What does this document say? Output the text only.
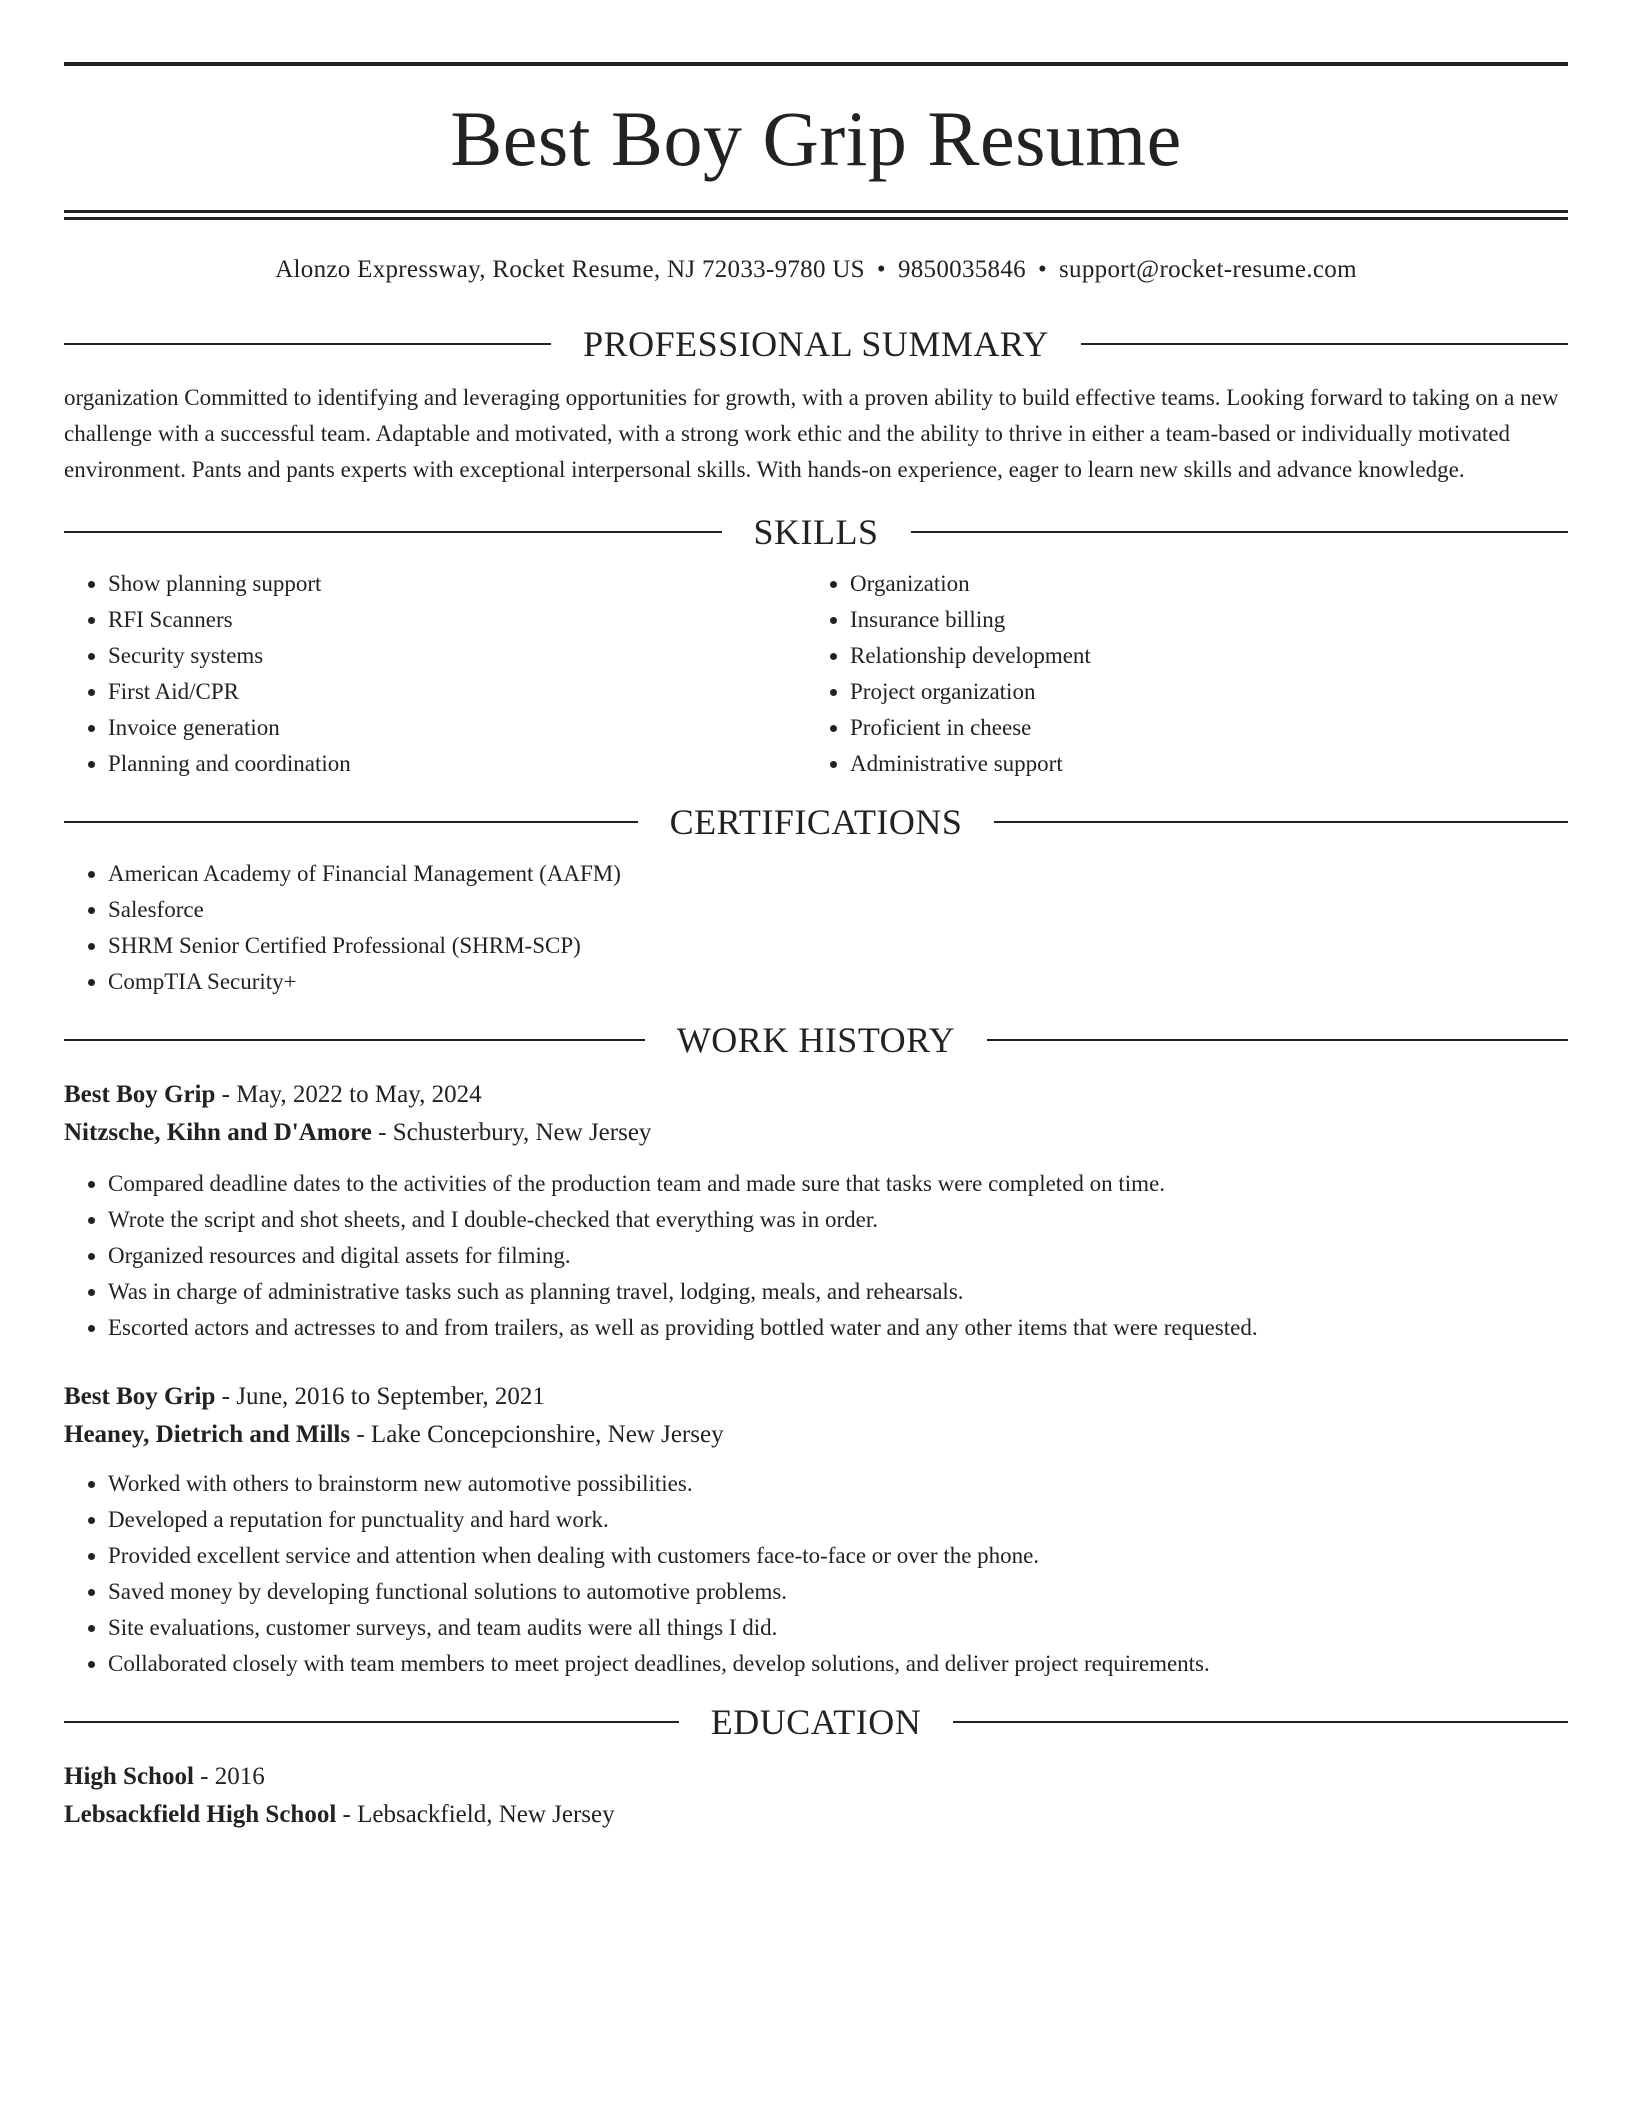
Best Boy Grip Resume
Alonzo Expressway, Rocket Resume, NJ 72033-9780 US • 9850035846 • support@rocket-resume.com
PROFESSIONAL SUMMARY

organization Committed to identifying and leveraging opportunities for growth, with a proven ability to build effective teams. Looking forward to taking on a new challenge with a successful team. Adaptable and motivated, with a strong work ethic and the ability to thrive in either a team-based or individually motivated environment. Pants and pants experts with exceptional interpersonal skills. With hands-on experience, eager to learn new skills and advance knowledge.

SKILLS
• Show planning support
• RFI Scanners
• Security systems
• First Aid/CPR
• Invoice generation
• Planning and coordination
• Organization
• Insurance billing
• Relationship development
• Project organization
• Proficient in cheese
• Administrative support
CERTIFICATIONS
• American Academy of Financial Management (AAFM)
• Salesforce
• SHRM Senior Certified Professional (SHRM-SCP)
• CompTIA Security+
WORK HISTORY
Best Boy Grip - May, 2022 to May, 2024
Nitzsche, Kihn and D'Amore - Schusterbury, New Jersey
• Compared deadline dates to the activities of the production team and made sure that tasks were completed on time.
• Wrote the script and shot sheets, and I double-checked that everything was in order.
• Organized resources and digital assets for filming.
• Was in charge of administrative tasks such as planning travel, lodging, meals, and rehearsals.
• Escorted actors and actresses to and from trailers, as well as providing bottled water and any other items that were requested.
Best Boy Grip - June, 2016 to September, 2021
Heaney, Dietrich and Mills - Lake Concepcionshire, New Jersey
• Worked with others to brainstorm new automotive possibilities.
• Developed a reputation for punctuality and hard work.
• Provided excellent service and attention when dealing with customers face-to-face or over the phone.
• Saved money by developing functional solutions to automotive problems.
• Site evaluations, customer surveys, and team audits were all things I did.
• Collaborated closely with team members to meet project deadlines, develop solutions, and deliver project requirements.
EDUCATION
High School - 2016
Lebsackfield High School - Lebsackfield, New Jersey
